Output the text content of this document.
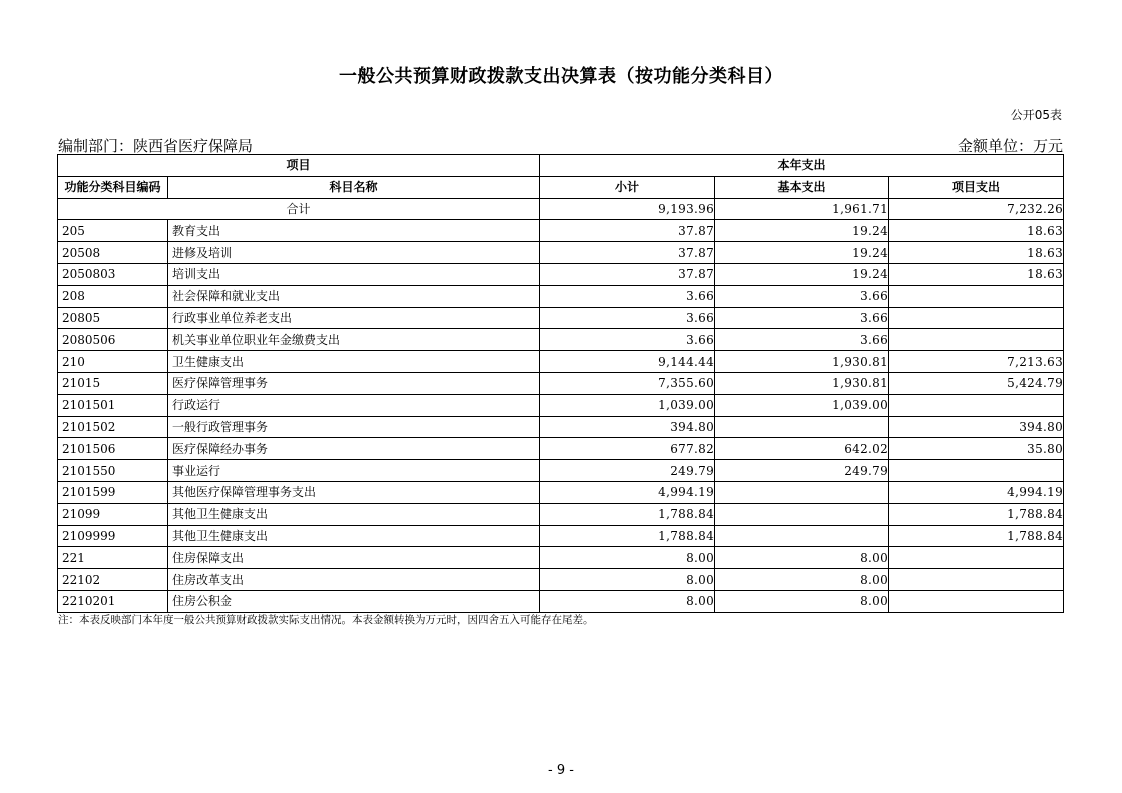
一般公共预算财政拨款支出决算表（按功能分类科目）
公开05表
编制部门：陕西省医疗保障局	金额单位：万元
项目		本年支出		
功能分类科目编码	科目名称	小计	基本支出	项目支出
合计		9,193.96	1,961.71	7,232.26
205	教育支出	37.87	19.24	18.63
20508	进修及培训	37.87	19.24	18.63
2050803	培训支出	37.87	19.24	18.63
208	社会保障和就业支出	3.66	3.66	
20805	行政事业单位养老支出	3.66	3.66	
2080506	机关事业单位职业年金缴费支出	3.66	3.66	
210	卫生健康支出	9,144.44	1,930.81	7,213.63
21015	医疗保障管理事务	7,355.60	1,930.81	5,424.79
2101501	行政运行	1,039.00	1,039.00	
2101502	一般行政管理事务	394.80		394.80
2101506	医疗保障经办事务	677.82	642.02	35.80
2101550	事业运行	249.79	249.79	
2101599	其他医疗保障管理事务支出	4,994.19		4,994.19
21099	其他卫生健康支出	1,788.84		1,788.84
2109999	其他卫生健康支出	1,788.84		1,788.84
221	住房保障支出	8.00	8.00	
22102	住房改革支出	8.00	8.00	
2210201	住房公积金	8.00	8.00	
注：本表反映部门本年度一般公共预算财政拨款实际支出情况。本表金额转换为万元时，因四舍五入可能存在尾差。
- 9 -
